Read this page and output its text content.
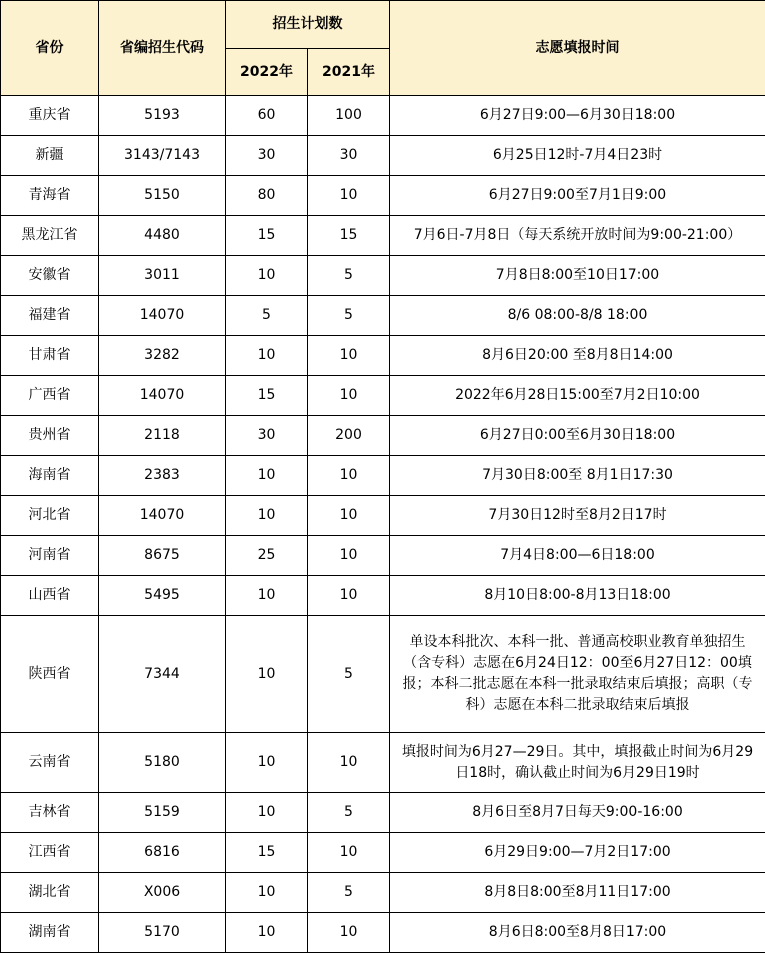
省份	省编招生代码	招生计划数		志愿填报时间
		2022年	2021年	
重庆省	5193	60	100	6月27日9:00—6月30日18:00
新疆	3143/7143	30	30	6月25日12时-7月4日23时
青海省	5150	80	10	6月27日9:00至7月1日9:00
黑龙江省	4480	15	15	7月6日-7月8日（每天系统开放时间为9:00-21:00）
安徽省	3011	10	5	7月8日8:00至10日17:00
福建省	14070	5	5	8/6 08:00-8/8 18:00
甘肃省	3282	10	10	8月6日20:00 至8月8日14:00
广西省	14070	15	10	2022年6月28日15:00至7月2日10:00
贵州省	2118	30	200	6月27日0:00至6月30日18:00
海南省	2383	10	10	7月30日8:00至 8月1日17:30
河北省	14070	10	10	7月30日12时至8月2日17时
河南省	8675	25	10	7月4日8:00—6日18:00
山西省	5495	10	10	8月10日8:00-8月13日18:00
陕西省	7344	10	5	单设本科批次、本科一批、普通高校职业教育单独招生（含专科）志愿在6月24日12：00至6月27日12：00填报；本科二批志愿在本科一批录取结束后填报；高职（专科）志愿在本科二批录取结束后填报
云南省	5180	10	10	填报时间为6月27—29日。其中，填报截止时间为6月29日18时，确认截止时间为6月29日19时
吉林省	5159	10	5	8月6日至8月7日每天9:00-16:00
江西省	6816	15	10	6月29日9:00—7月2日17:00
湖北省	X006	10	5	8月8日8:00至8月11日17:00
湖南省	5170	10	10	8月6日8:00至8月8日17:00
